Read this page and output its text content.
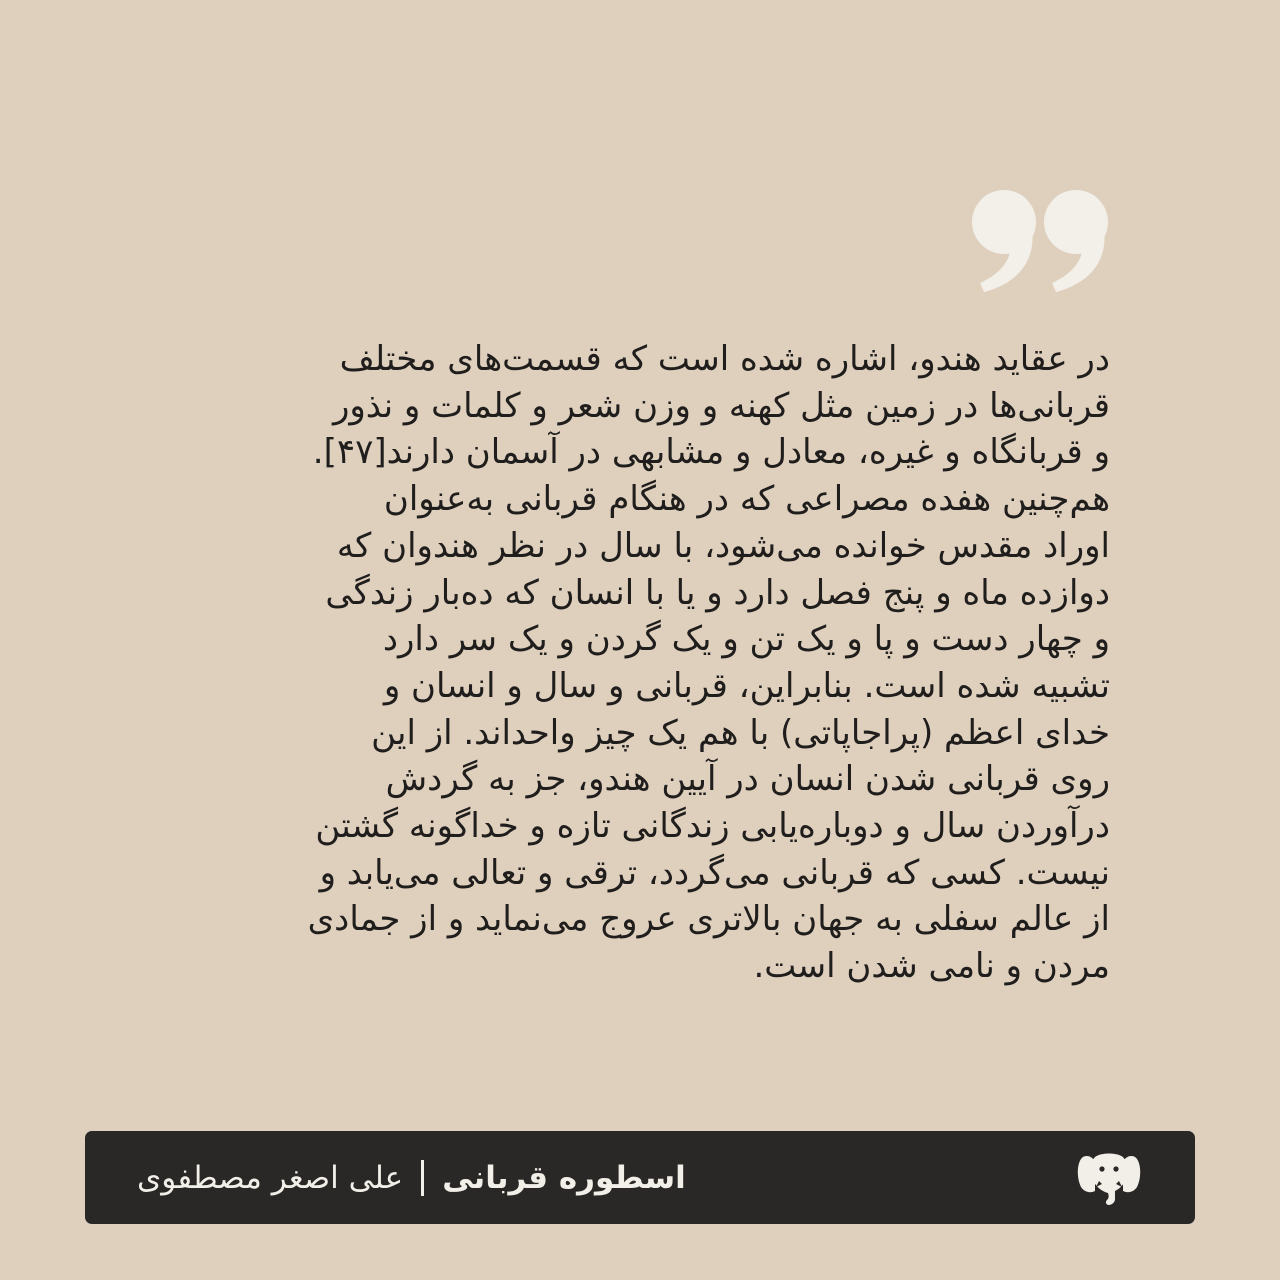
در عقاید هندو، اشاره شده است که قسمت‌های مختلف
قربانی‌ها در زمین مثل کهنه و وزن شعر و کلمات و نذور
و قربانگاه و غیره، معادل و مشابهی در آسمان دارند[۴۷].
هم‌چنین هفده مصراعی که در هنگام قربانی به‌عنوان
اوراد مقدس خوانده می‌شود، با سال در نظر هندوان که
دوازده ماه و پنج فصل دارد و یا با انسان که ده‌بار زندگی
و چهار دست و پا و یک تن و یک گردن و یک سر دارد
تشبیه شده است. بنابراین، قربانی و سال و انسان و
خدای اعظم (پراجاپاتی) با هم یک چیز واحداند. از این
روی قربانی شدن انسان در آیین هندو، جز به گردش
درآوردن سال و دوباره‌یابی زندگانی تازه و خداگونه گشتن
نیست. کسی که قربانی می‌گردد، ترقی و تعالی می‌یابد و
از عالم سفلی به جهان بالاتری عروج می‌نماید و از جمادی
مردن و نامی شدن است.
اسطوره قربانی
علی اصغر مصطفوی
